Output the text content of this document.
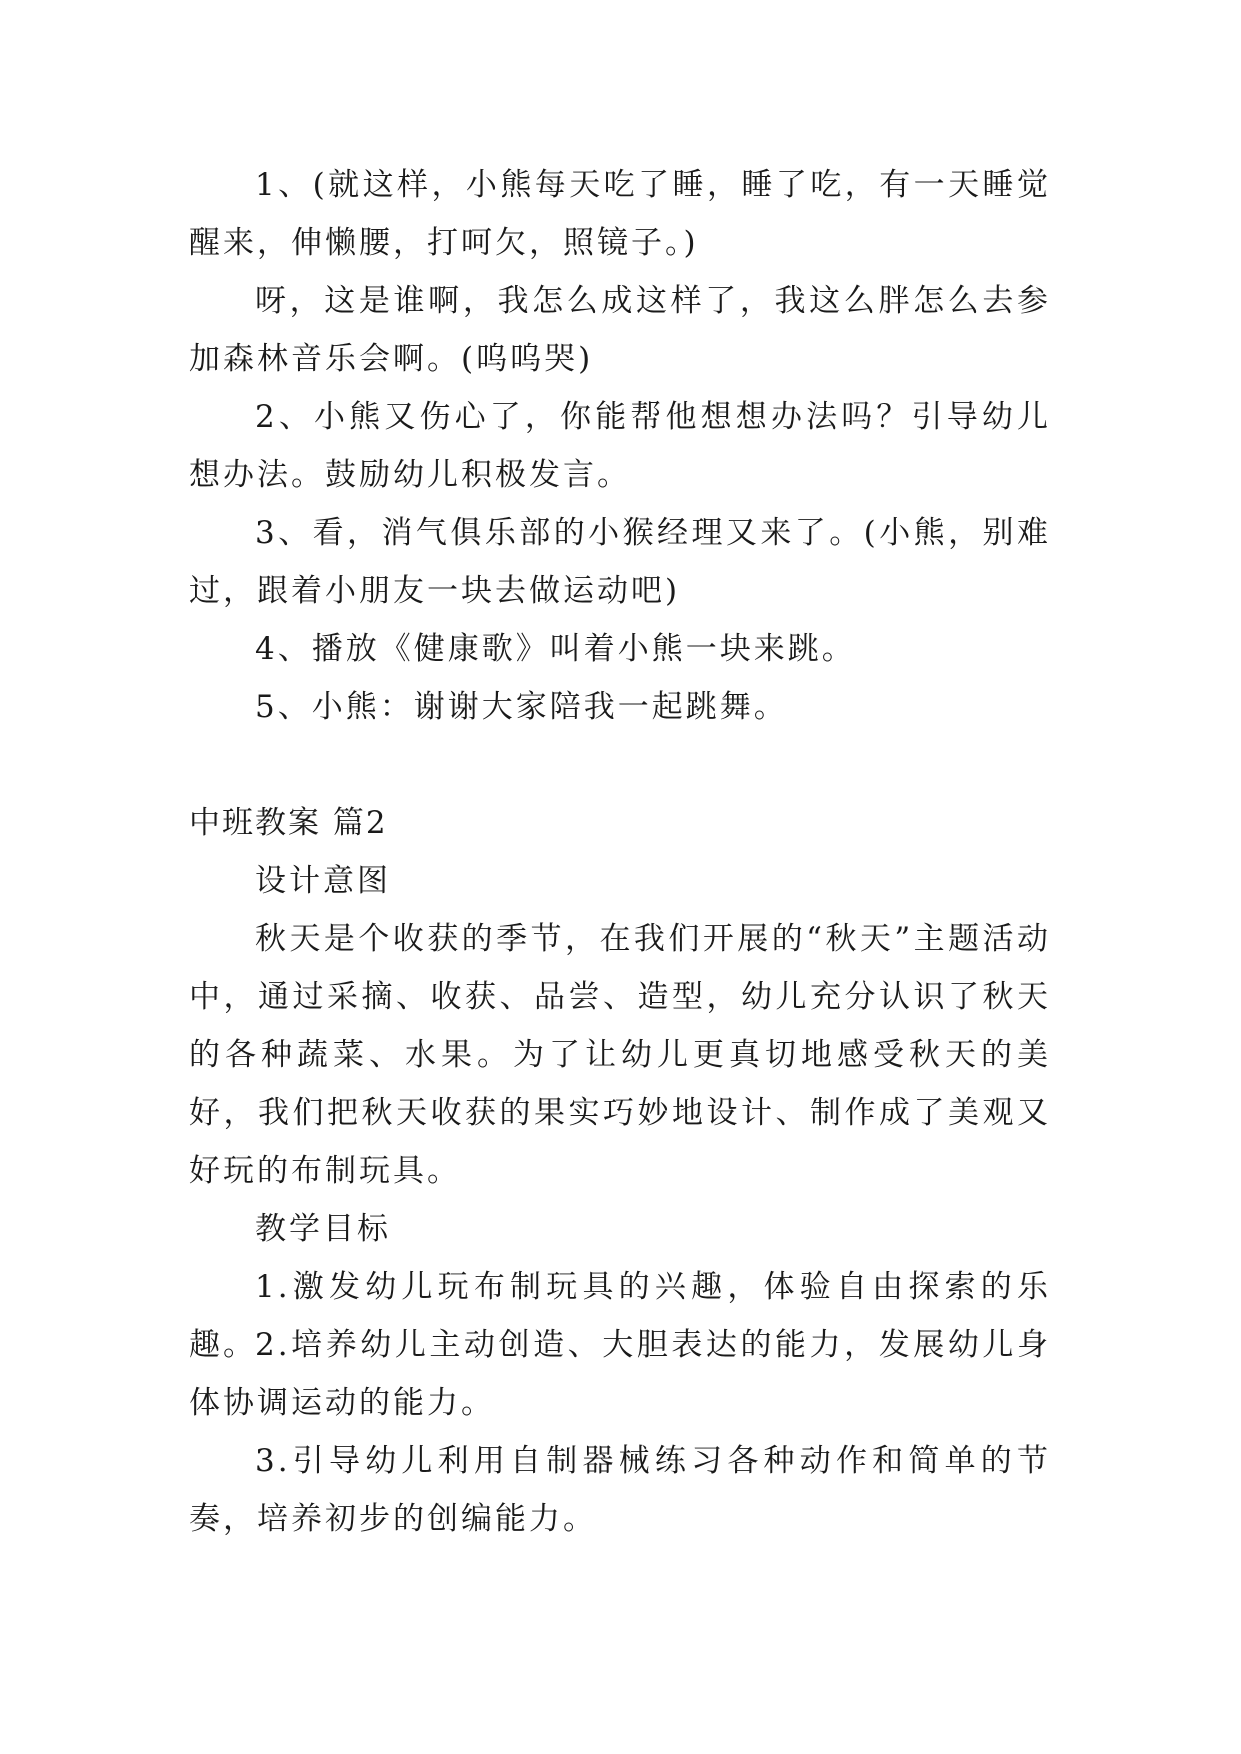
1、(就这样，小熊每天吃了睡，睡了吃，有一天睡觉醒来，伸懒腰，打呵欠，照镜子。)

呀，这是谁啊，我怎么成这样了，我这么胖怎么去参加森林音乐会啊。(呜呜哭)

2、小熊又伤心了，你能帮他想想办法吗？引导幼儿想办法。鼓励幼儿积极发言。

3、看，消气俱乐部的小猴经理又来了。(小熊，别难过，跟着小朋友一块去做运动吧)

4、播放《健康歌》叫着小熊一块来跳。

5、小熊：谢谢大家陪我一起跳舞。

中班教案 篇2

设计意图

秋天是个收获的季节，在我们开展的“秋天”主题活动中，通过采摘、收获、品尝、造型，幼儿充分认识了秋天的各种蔬菜、水果。为了让幼儿更真切地感受秋天的美好，我们把秋天收获的果实巧妙地设计、制作成了美观又好玩的布制玩具。

教学目标

1.激发幼儿玩布制玩具的兴趣，体验自由探索的乐趣。

2.培养幼儿主动创造、大胆表达的能力，发展幼儿身体协调运动的能力。

3.引导幼儿利用自制器械练习各种动作和简单的节奏，培养初步的创编能力。
